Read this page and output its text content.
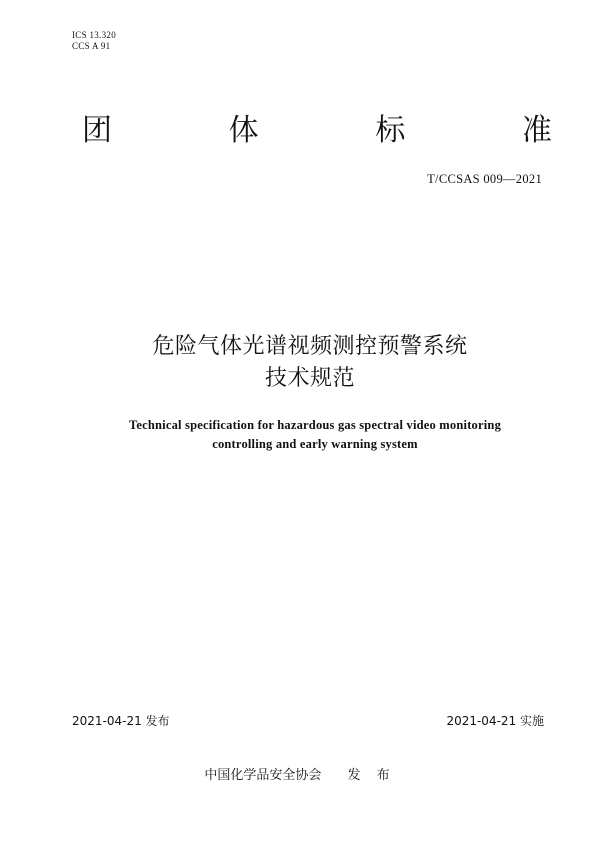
ICS 13.320
CCS A 91
团	体	标	准
T/CCSAS 009—2021
危险气体光谱视频测控预警系统
技术规范
Technical specification for hazardous gas spectral video monitoring
controlling and early warning system
2021-04-21 发布	2021-04-21 实施
中国化学品安全协会 发 布
